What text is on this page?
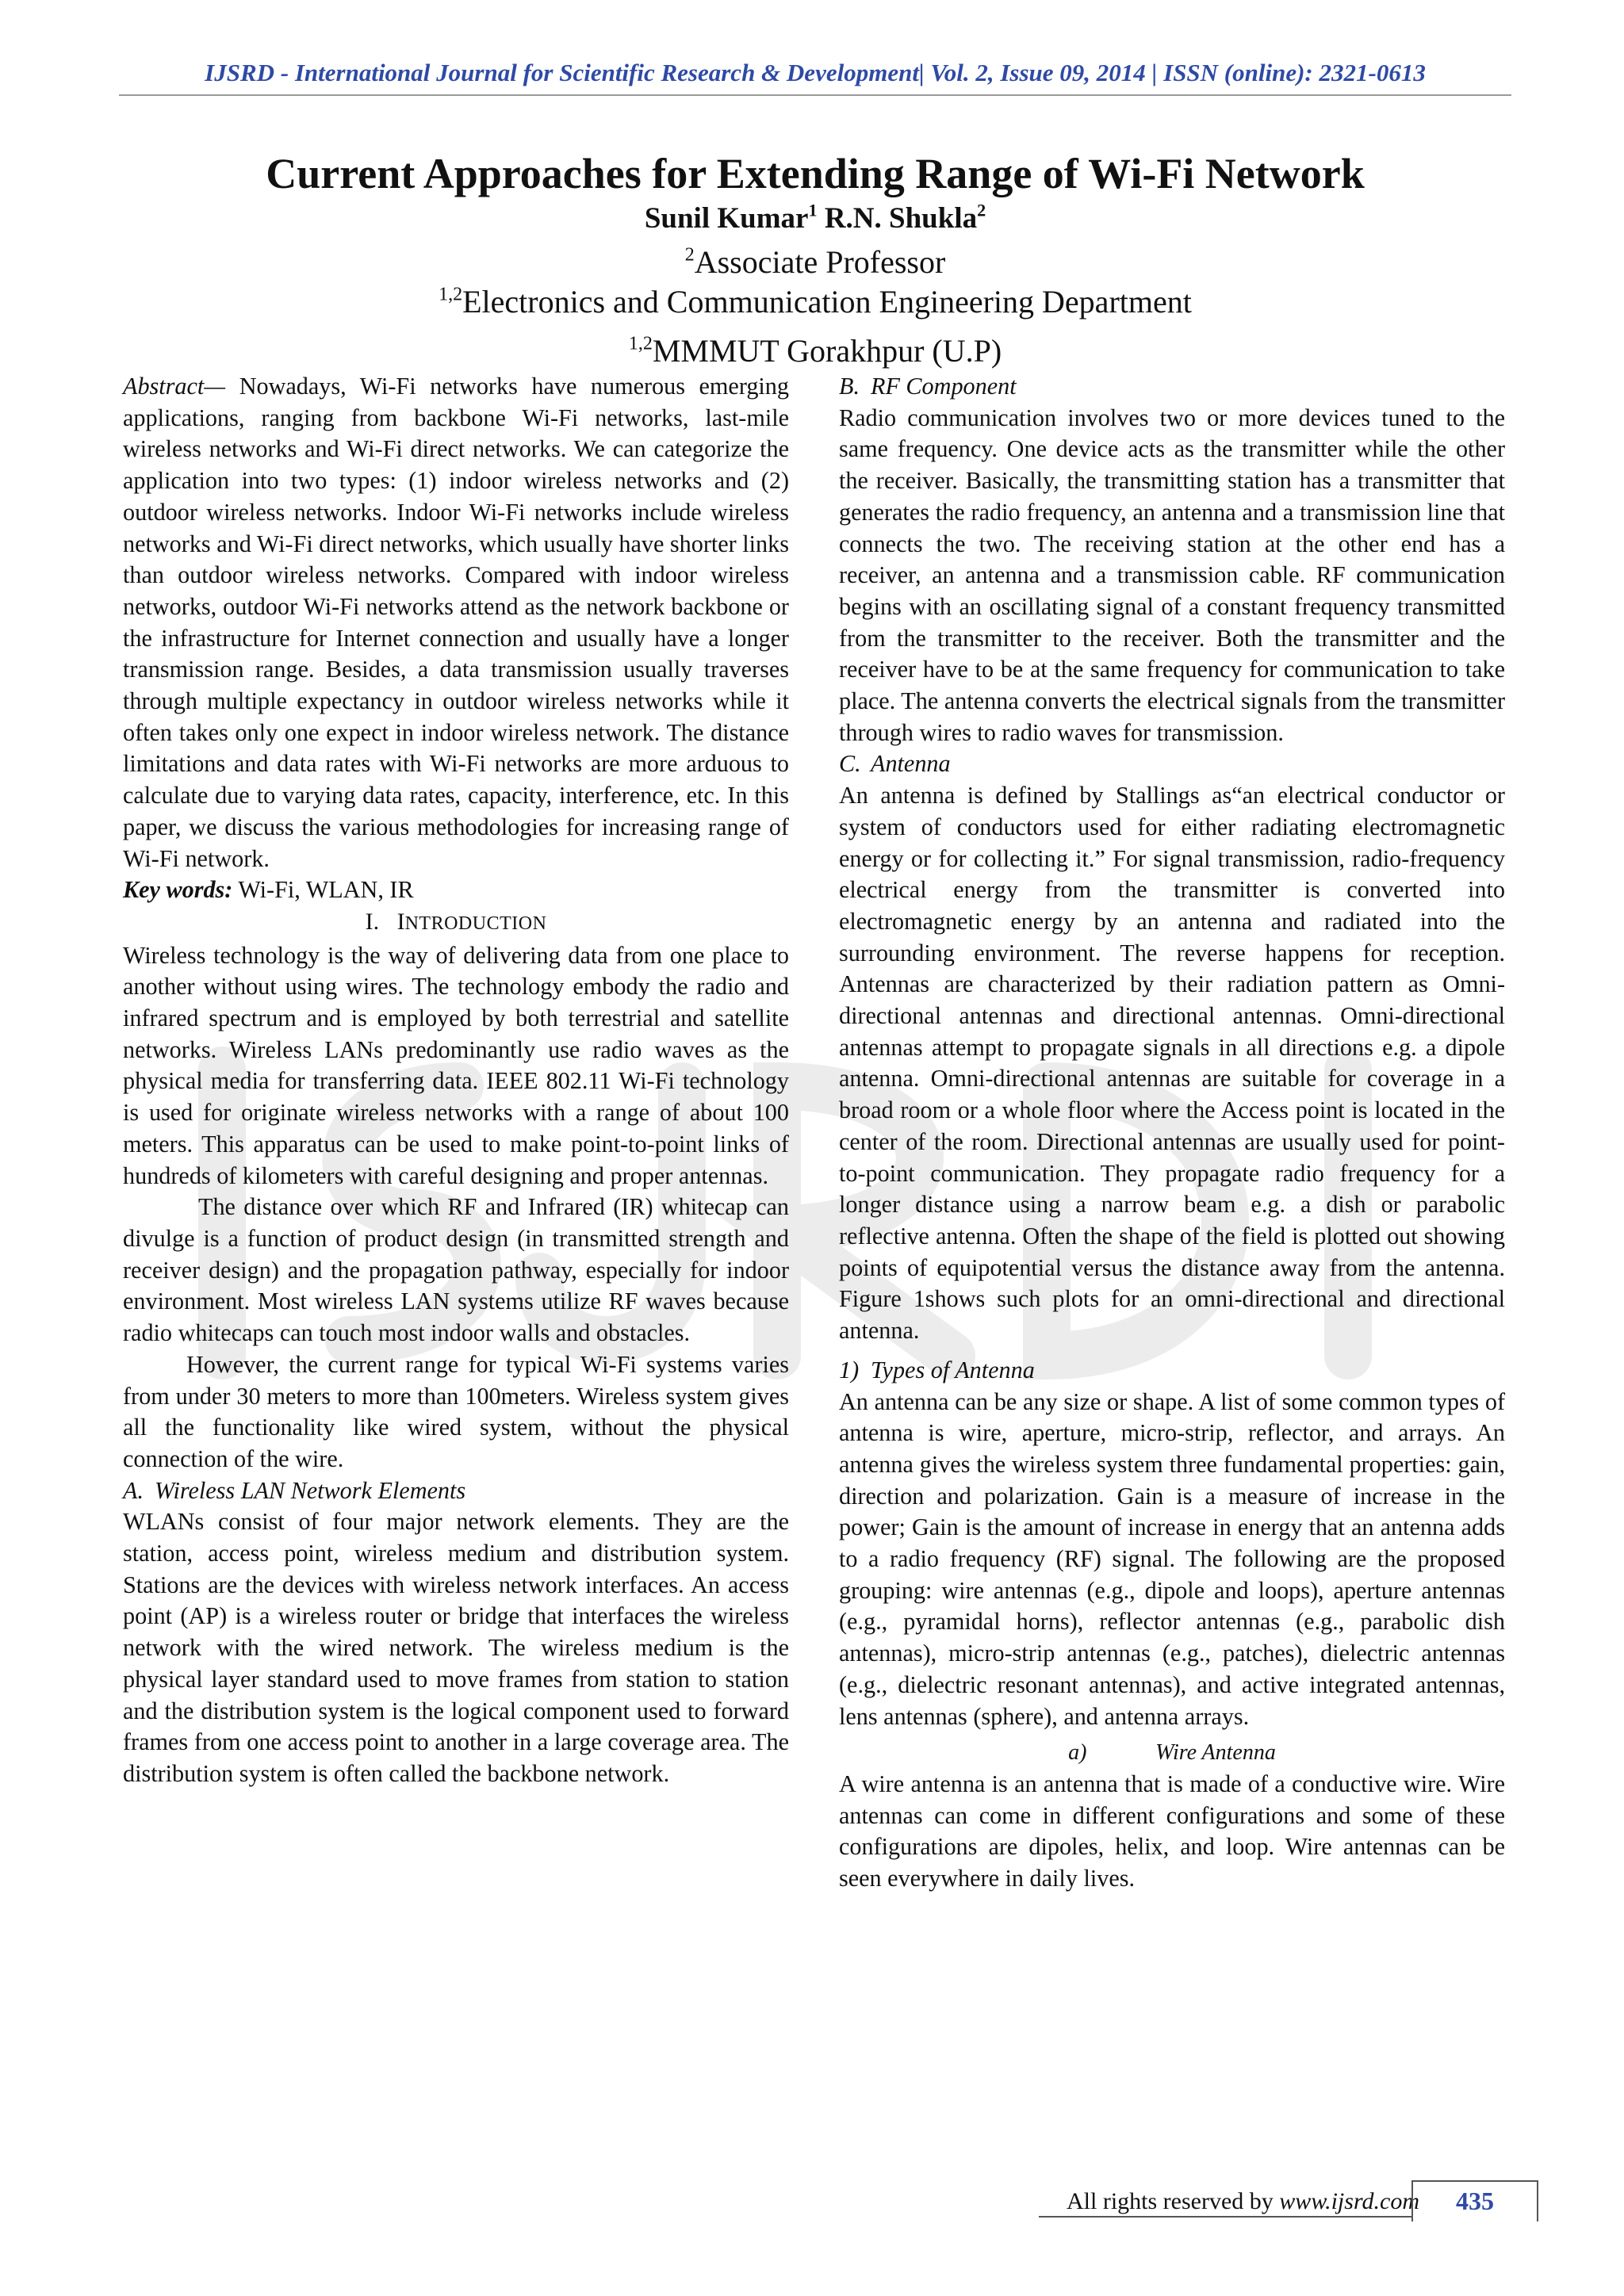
IJSRD - International Journal for Scientific Research & Development| Vol. 2, Issue 09, 2014 | ISSN (online): 2321-0613
Current Approaches for Extending Range of Wi-Fi Network
Sunil Kumar$^1$ R.N. Shukla$^2$
$^2$Associate Professor
$^{1,2}$Electronics and Communication Engineering Department
$^{1,2}$MMMUT Gorakhpur (U.P)

Abstract— Nowadays, Wi-Fi networks have numerous emerging applications, ranging from backbone Wi-Fi networks, last-mile wireless networks and Wi-Fi direct networks. We can categorize the application into two types: (1) indoor wireless networks and (2) outdoor wireless networks. Indoor Wi-Fi networks include wireless networks and Wi-Fi direct networks, which usually have shorter links than outdoor wireless networks. Compared with indoor wireless networks, outdoor Wi-Fi networks attend as the network backbone or the infrastructure for Internet connection and usually have a longer transmission range. Besides, a data transmission usually traverses through multiple expectancy in outdoor wireless networks while it often takes only one expect in indoor wireless network. The distance limitations and data rates with Wi-Fi networks are more arduous to calculate due to varying data rates, capacity, interference, etc. In this paper, we discuss the various methodologies for increasing range of Wi-Fi network.

Key words: Wi-Fi, WLAN, IR

I. INTRODUCTION

Wireless technology is the way of delivering data from one place to another without using wires. The technology embody the radio and infrared spectrum and is employed by both terrestrial and satellite networks. Wireless LANs predominantly use radio waves as the physical media for transferring data. IEEE 802.11 Wi-Fi technology is used for originate wireless networks with a range of about 100 meters. This apparatus can be used to make point-to-point links of hundreds of kilometers with careful designing and proper antennas.

The distance over which RF and Infrared (IR) whitecap can divulge is a function of product design (in transmitted strength and receiver design) and the propagation pathway, especially for indoor environment. Most wireless LAN systems utilize RF waves because radio whitecaps can touch most indoor walls and obstacles.

However, the current range for typical Wi-Fi systems varies from under 30 meters to more than 100meters. Wireless system gives all the functionality like wired system, without the physical connection of the wire.

A. Wireless LAN Network Elements

WLANs consist of four major network elements. They are the station, access point, wireless medium and distribution system. Stations are the devices with wireless network interfaces. An access point (AP) is a wireless router or bridge that interfaces the wireless network with the wired network. The wireless medium is the physical layer standard used to move frames from station to station and the distribution system is the logical component used to forward frames from one access point to another in a large coverage area. The distribution system is often called the backbone network.

B. RF Component

Radio communication involves two or more devices tuned to the same frequency. One device acts as the transmitter while the other the receiver. Basically, the transmitting station has a transmitter that generates the radio frequency, an antenna and a transmission line that connects the two. The receiving station at the other end has a receiver, an antenna and a transmission cable. RF communication begins with an oscillating signal of a constant frequency transmitted from the transmitter to the receiver. Both the transmitter and the receiver have to be at the same frequency for communication to take place. The antenna converts the electrical signals from the transmitter through wires to radio waves for transmission.

C. Antenna

An antenna is defined by Stallings as“an electrical conductor or system of conductors used for either radiating electromagnetic energy or for collecting it.” For signal transmission, radio-frequency electrical energy from the transmitter is converted into electromagnetic energy by an antenna and radiated into the surrounding environment. The reverse happens for reception. Antennas are characterized by their radiation pattern as Omni-directional antennas and directional antennas. Omni-directional antennas attempt to propagate signals in all directions e.g. a dipole antenna. Omni-directional antennas are suitable for coverage in a broad room or a whole floor where the Access point is located in the center of the room. Directional antennas are usually used for point-to-point communication. They propagate radio frequency for a longer distance using a narrow beam e.g. a dish or parabolic reflective antenna. Often the shape of the field is plotted out showing points of equipotential versus the distance away from the antenna. Figure 1shows such plots for an omni-directional and directional antenna.

1) Types of Antenna

An antenna can be any size or shape. A list of some common types of antenna is wire, aperture, micro-strip, reflector, and arrays. An antenna gives the wireless system three fundamental properties: gain, direction and polarization. Gain is a measure of increase in the power; Gain is the amount of increase in energy that an antenna adds to a radio frequency (RF) signal. The following are the proposed grouping: wire antennas (e.g., dipole and loops), aperture antennas (e.g., pyramidal horns), reflector antennas (e.g., parabolic dish antennas), micro-strip antennas (e.g., patches), dielectric antennas (e.g., dielectric resonant antennas), and active integrated antennas, lens antennas (sphere), and antenna arrays.

a)	Wire Antenna

A wire antenna is an antenna that is made of a conductive wire. Wire antennas can come in different configurations and some of these configurations are dipoles, helix, and loop. Wire antennas can be seen everywhere in daily lives.

All rights reserved by www.ijsrd.com	435
